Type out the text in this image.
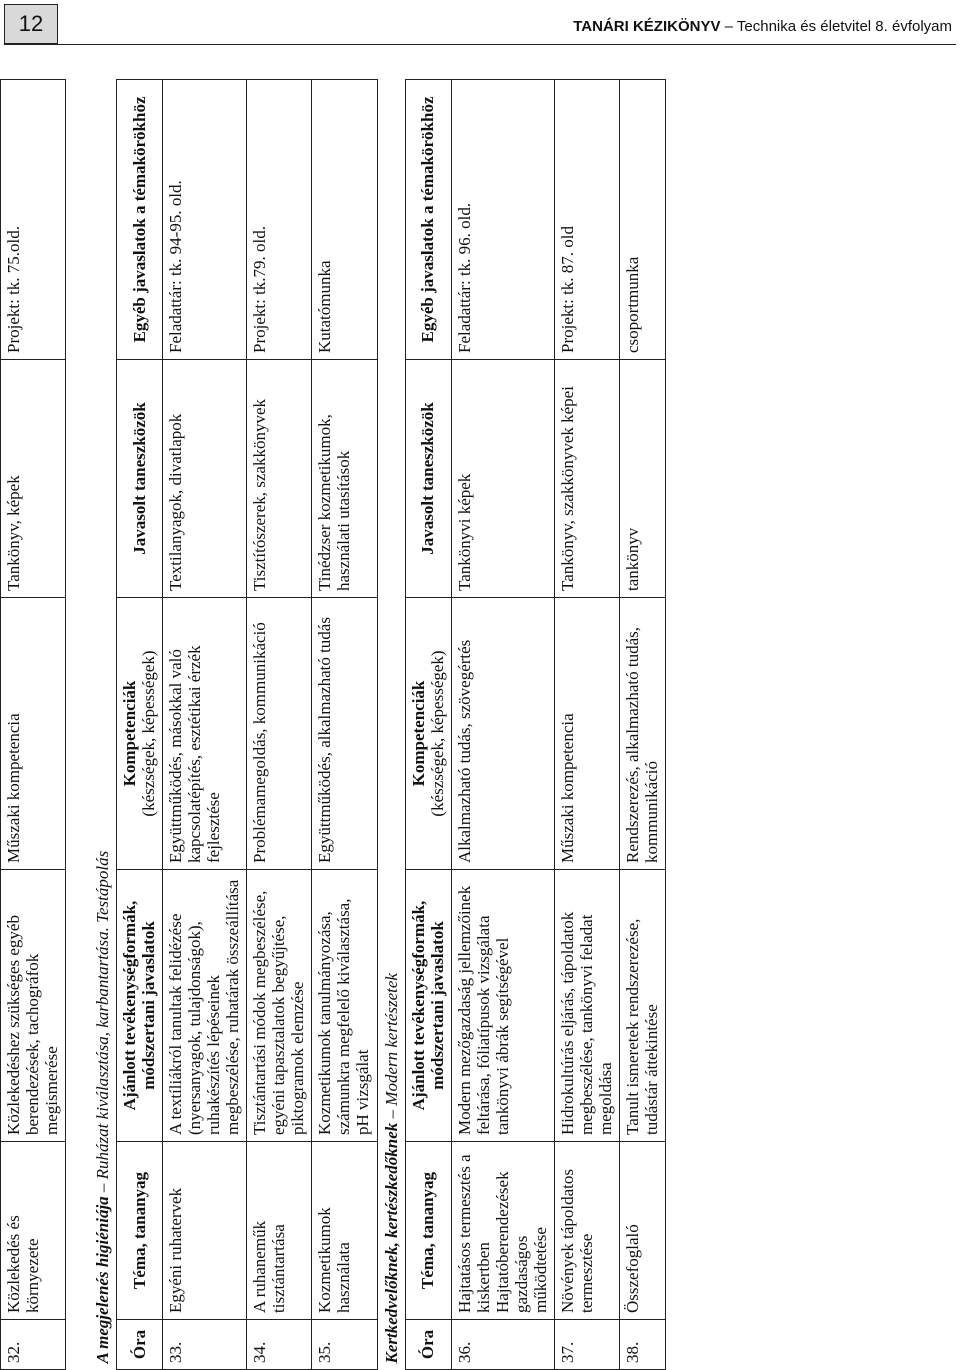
12	TANÁRI KÉZIKÖNYV – Technika és életvitel 8. évfolyam
32.	Közlekedés és környezete	Közlekedéshez szükséges egyéb berendezések, tachográfok megismerése	Műszaki kompetencia	Tankönyv, képek	Projekt: tk. 75.old.

A megjelenés higiéniája – Ruházat kiválasztása, karbantartása. Testápolás					
Óra	Téma, tananyag	Ajánlott tevékenységformák, módszertani javaslatok	Kompetenciák (készségek, képességek)	Javasolt taneszközök	Egyéb javaslatok a témakörökhöz
33.	Egyéni ruhatervek	A textíliákról tanultak felidézése (nyersanyagok, tulajdonságok), ruhakészítés lépéseinek megbeszélése, ruhatárak összeállítása	Együttműködés, másokkal való kapcsolatépítés, esztétikai érzék fejlesztése	Textilanyagok, divatlapok	Feladattár: tk. 94-95. old.
34.	A ruhaneműk tisztántartása	Tisztántartási módok megbeszélése, egyéni tapasztalatok begyűjtése, piktogramok elemzése	Problémamegoldás, kommunikáció	Tisztítószerek, szakkönyvek	Projekt: tk.79. old.
35.	Kozmetikumok használata	Kozmetikumok tanulmányozása, számunkra megfelelő kiválasztása, pH vizsgálat	Együttműködés, alkalmazható tudás	Tinédzser kozmetikumok, használati utasítások	Kutatómunka
Kertkedvelőknek, kertészkedőknek – Modern kertészetek					
Óra	Téma, tananyag	Ajánlott tevékenységformák, módszertani javaslatok	Kompetenciák (készségek, képességek)	Javasolt taneszközök	Egyéb javaslatok a témakörökhöz
36.	Hajtatásos termesztés a kiskertben Hajtatóberendezések gazdaságos működtetése	Modern mezőgazdaság jellemzőinek feltárása, fóliatípusok vizsgálata tankönyvi ábrák segítségével	Alkalmazható tudás, szövegértés	Tankönyvi képek	Feladattár: tk. 96. old.
37.	Növények tápoldatos termesztése	Hidrokultúrás eljárás, tápoldatok megbeszélése, tankönyvi feladat megoldása	Műszaki kompetencia	Tankönyv, szakkönyvek képei	Projekt: tk. 87. old
38.	Összefoglaló	Tanult ismeretek rendszerezése, tudástár áttekintése	Rendszerezés, alkalmazható tudás, kommunikáció	tankönyv	csoportmunka
